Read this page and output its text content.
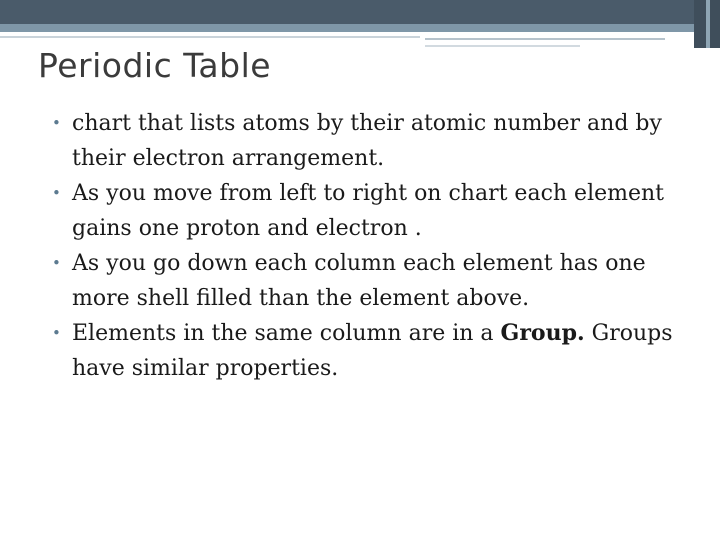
Periodic Table
• chart that lists atoms by their atomic number and by their electron arrangement.
• As you move from left to right on chart each element gains one proton and electron .
• As you go down each column each element has one more shell filled than the element above.
• Elements in the same column are in a Group. Groups have similar properties.
